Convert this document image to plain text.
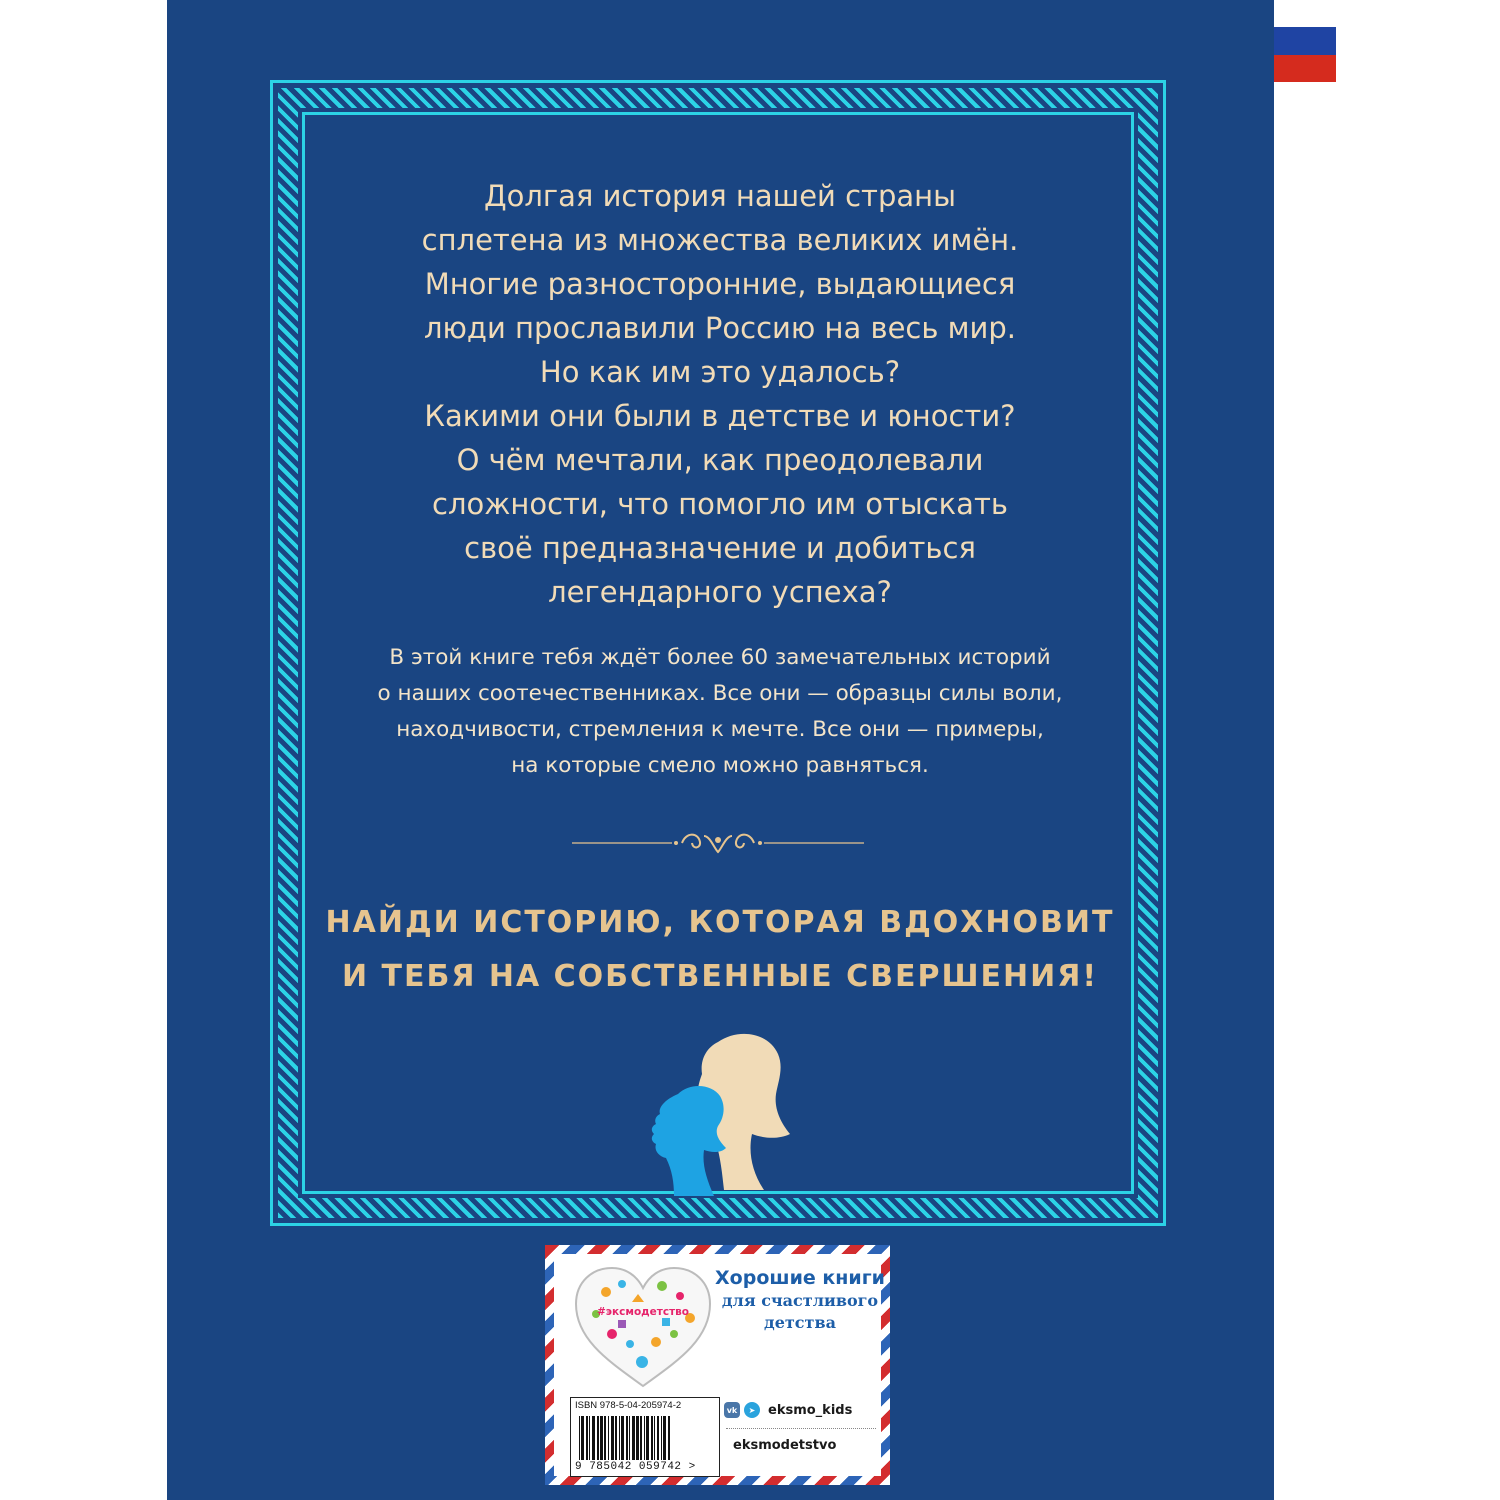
Долгая история нашей страны
сплетена из множества великих имён.
Многие разносторонние, выдающиеся
люди прославили Россию на весь мир.
Но как им это удалось?
Какими они были в детстве и юности?
О чём мечтали, как преодолевали
сложности, что помогло им отыскать
своё предназначение и добиться
легендарного успеха?
В этой книге тебя ждёт более 60 замечательных историй
о наших соотечественниках. Все они — образцы силы воли,
находчивости, стремления к мечте. Все они — примеры,
на которые смело можно равняться.
НАЙДИ ИСТОРИЮ, КОТОРАЯ ВДОХНОВИТ
И ТЕБЯ НА СОБСТВЕННЫЕ СВЕРШЕНИЯ!
#эксмодетство
Хорошие книги
для счастливого детства
ISBN 978-5-04-205974-2
9 785042 059742 >
vk	➤ eksmo_kids
eksmodetstvo
